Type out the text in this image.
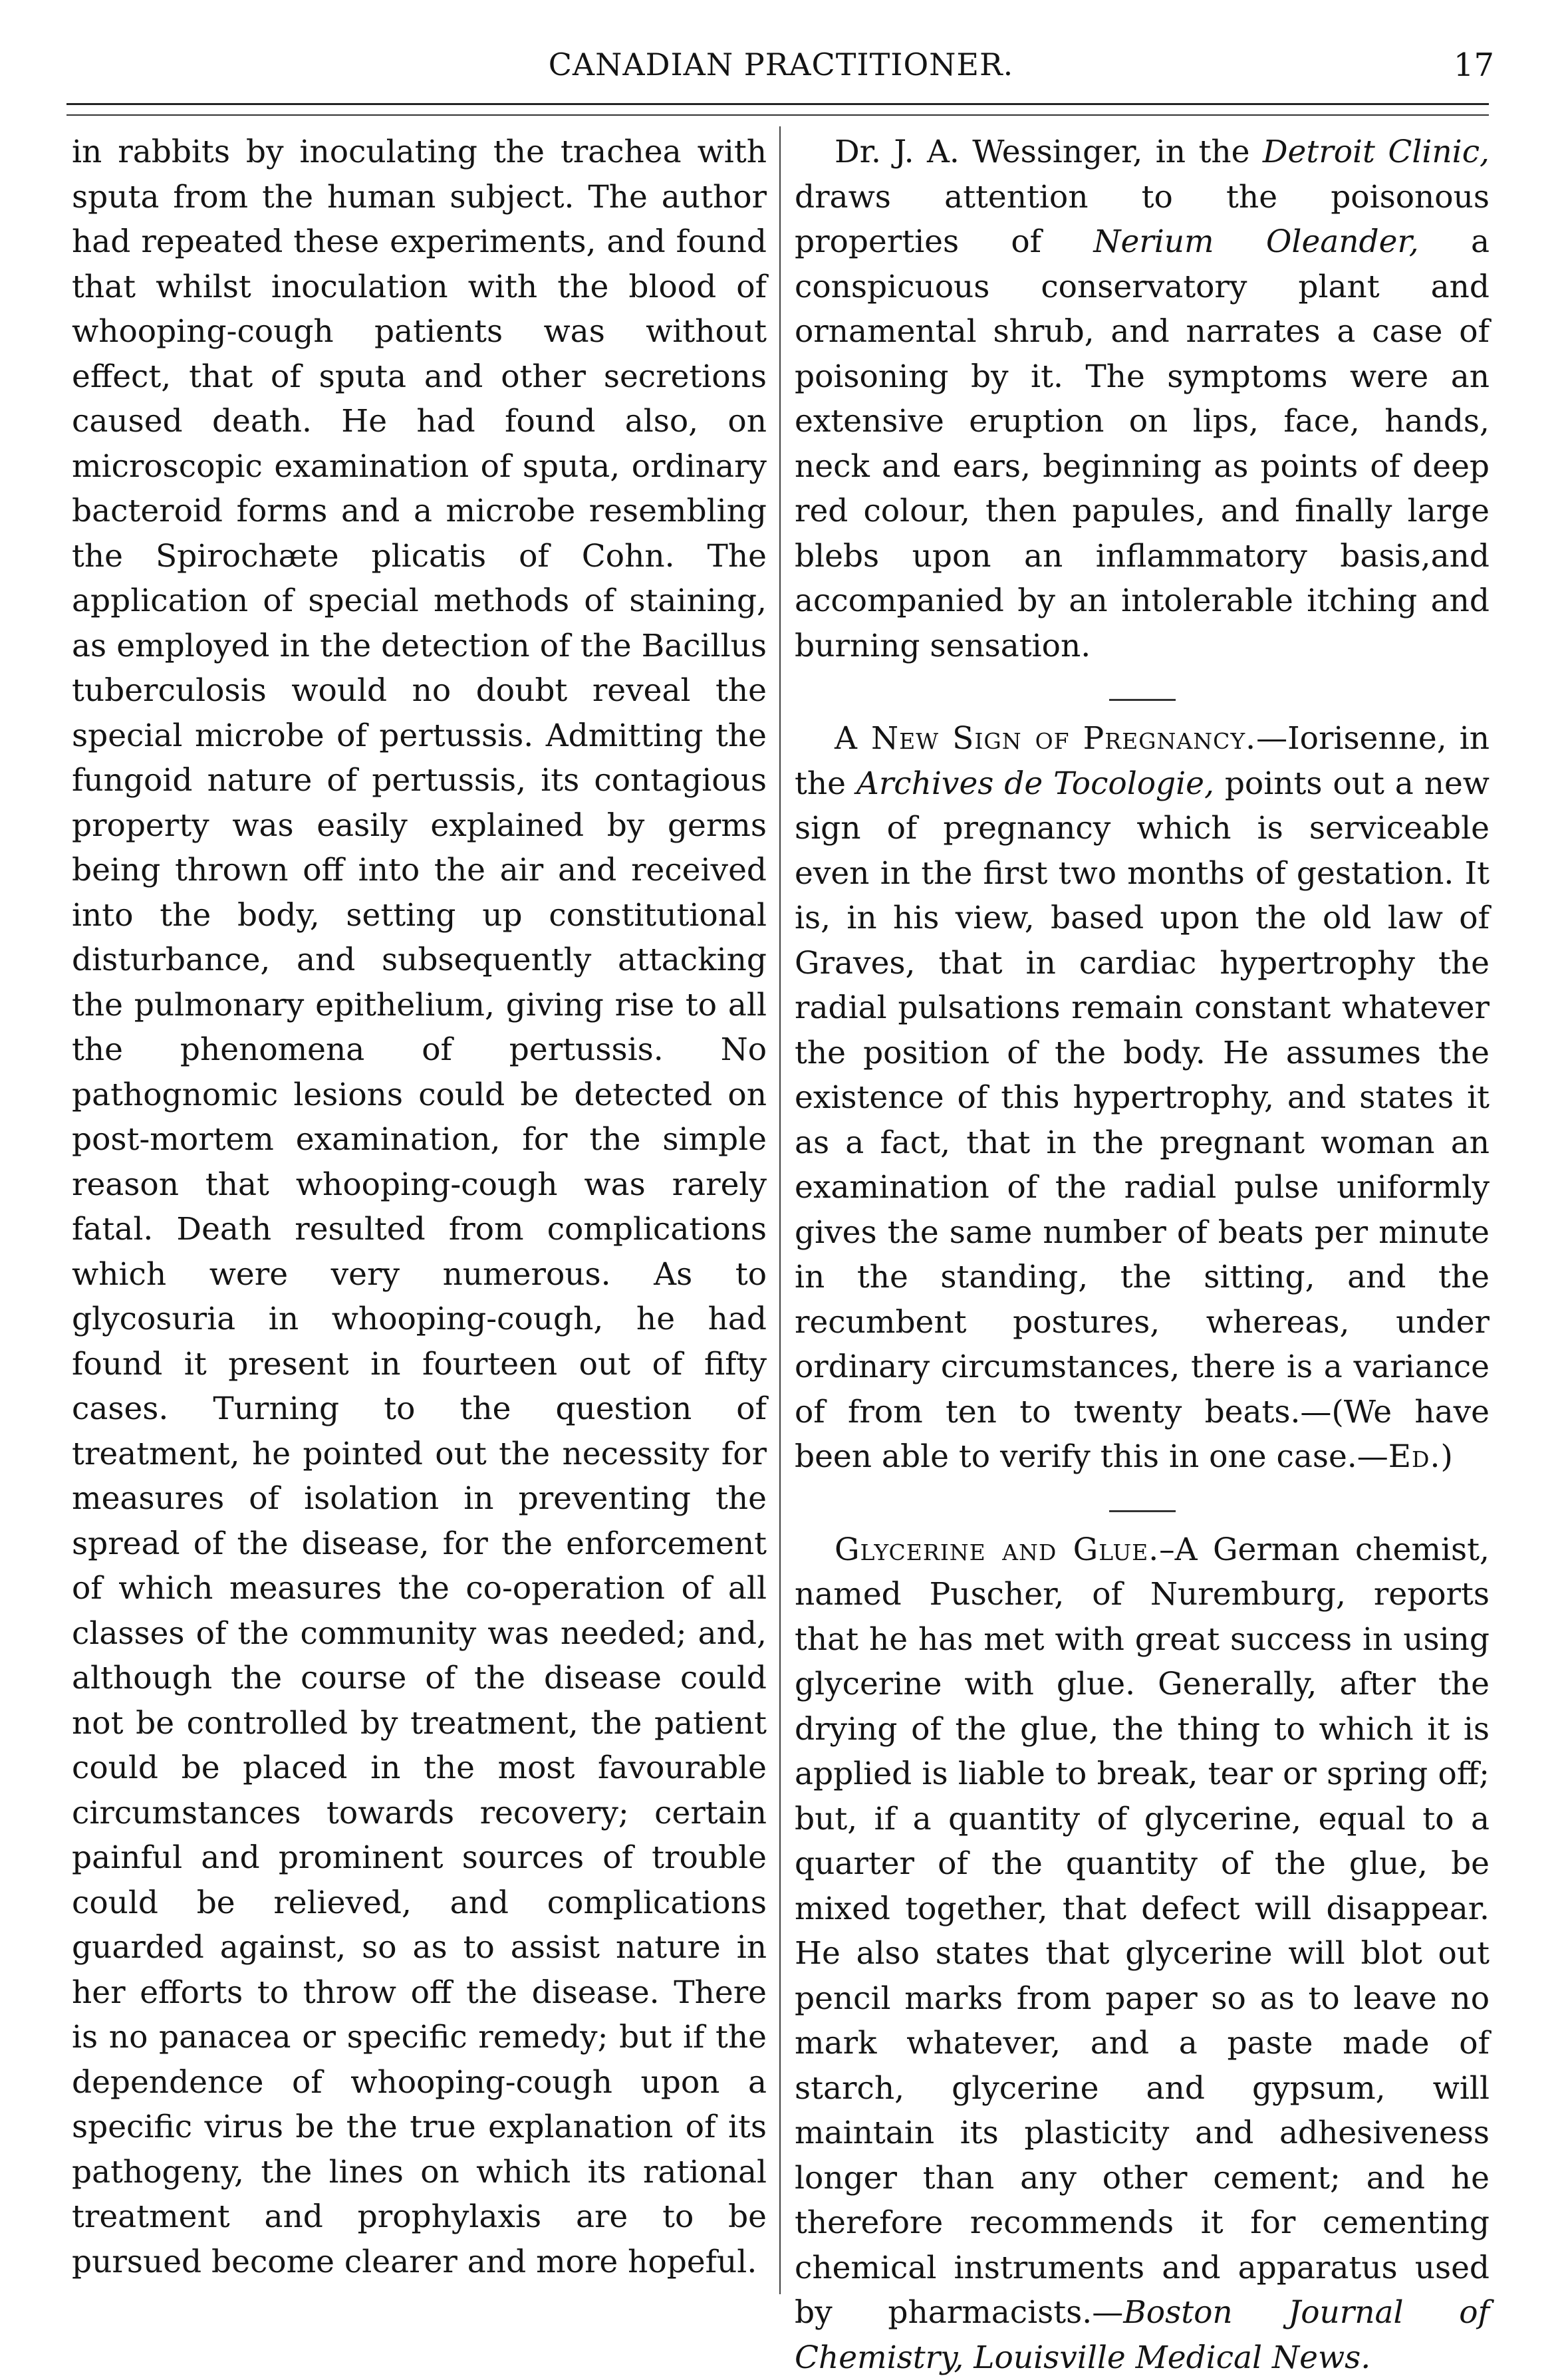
CANADIAN PRACTITIONER.	17

in rabbits by inoculating the trachea with sputa from the human subject. The author had repeated these experiments, and found that whilst inoculation with the blood of whooping-cough patients was without effect, that of sputa and other secretions caused death. He had found also, on microscopic examination of sputa, ordinary bacteroid forms and a microbe resembling the Spirochæte plicatis of Cohn. The application of special methods of staining, as employed in the detection of the Bacillus tuberculosis would no doubt reveal the special microbe of pertussis. Admitting the fungoid nature of pertussis, its contagious property was easily explained by germs being thrown off into the air and received into the body, setting up constitutional disturbance, and subsequently attacking the pulmonary epithelium, giving rise to all the phenomena of pertussis. No pathognomic lesions could be detected on post-mortem examination, for the simple reason that whooping-cough was rarely fatal. Death resulted from complications which were very numerous. As to glycosuria in whooping-cough, he had found it present in fourteen out of fifty cases. Turning to the question of treatment, he pointed out the necessity for measures of isolation in preventing the spread of the disease, for the enforcement of which measures the co-operation of all classes of the community was needed; and, although the course of the disease could not be controlled by treatment, the patient could be placed in the most favourable circumstances towards recovery; certain painful and prominent sources of trouble could be relieved, and complications guarded against, so as to assist nature in her efforts to throw off the disease. There is no panacea or specific remedy; but if the dependence of whooping-cough upon a specific virus be the true explanation of its pathogeny, the lines on which its rational treatment and prophylaxis are to be pursued become clearer and more hopeful.

Dr. J. A. Wessinger, in the Detroit Clinic, draws attention to the poisonous properties of Nerium Oleander, a conspicuous conservatory plant and ornamental shrub, and narrates a case of poisoning by it. The symptoms were an extensive eruption on lips, face, hands, neck and ears, beginning as points of deep red colour, then papules, and finally large blebs upon an inflammatory basis,and accompanied by an intolerable itching and burning sensation.

A New Sign of Pregnancy.—Iorisenne, in the Archives de Tocologie, points out a new sign of pregnancy which is serviceable even in the first two months of gestation. It is, in his view, based upon the old law of Graves, that in cardiac hypertrophy the radial pulsations remain constant whatever the position of the body. He assumes the existence of this hypertrophy, and states it as a fact, that in the pregnant woman an examination of the radial pulse uniformly gives the same number of beats per minute in the standing, the sitting, and the recumbent postures, whereas, under ordinary circumstances, there is a variance of from ten to twenty beats.—(We have been able to verify this in one case.—Ed.)

Glycerine and Glue.–A German chemist, named Puscher, of Nuremburg, reports that he has met with great success in using glycerine with glue. Generally, after the drying of the glue, the thing to which it is applied is liable to break, tear or spring off; but, if a quantity of glycerine, equal to a quarter of the quantity of the glue, be mixed together, that defect will disappear. He also states that glycerine will blot out pencil marks from paper so as to leave no mark whatever, and a paste made of starch, glycerine and gypsum, will maintain its plasticity and adhesiveness longer than any other cement; and he therefore recommends it for cementing chemical instruments and apparatus used by pharmacists.—Boston Journal of Chemistry, Louisville Medical News.
